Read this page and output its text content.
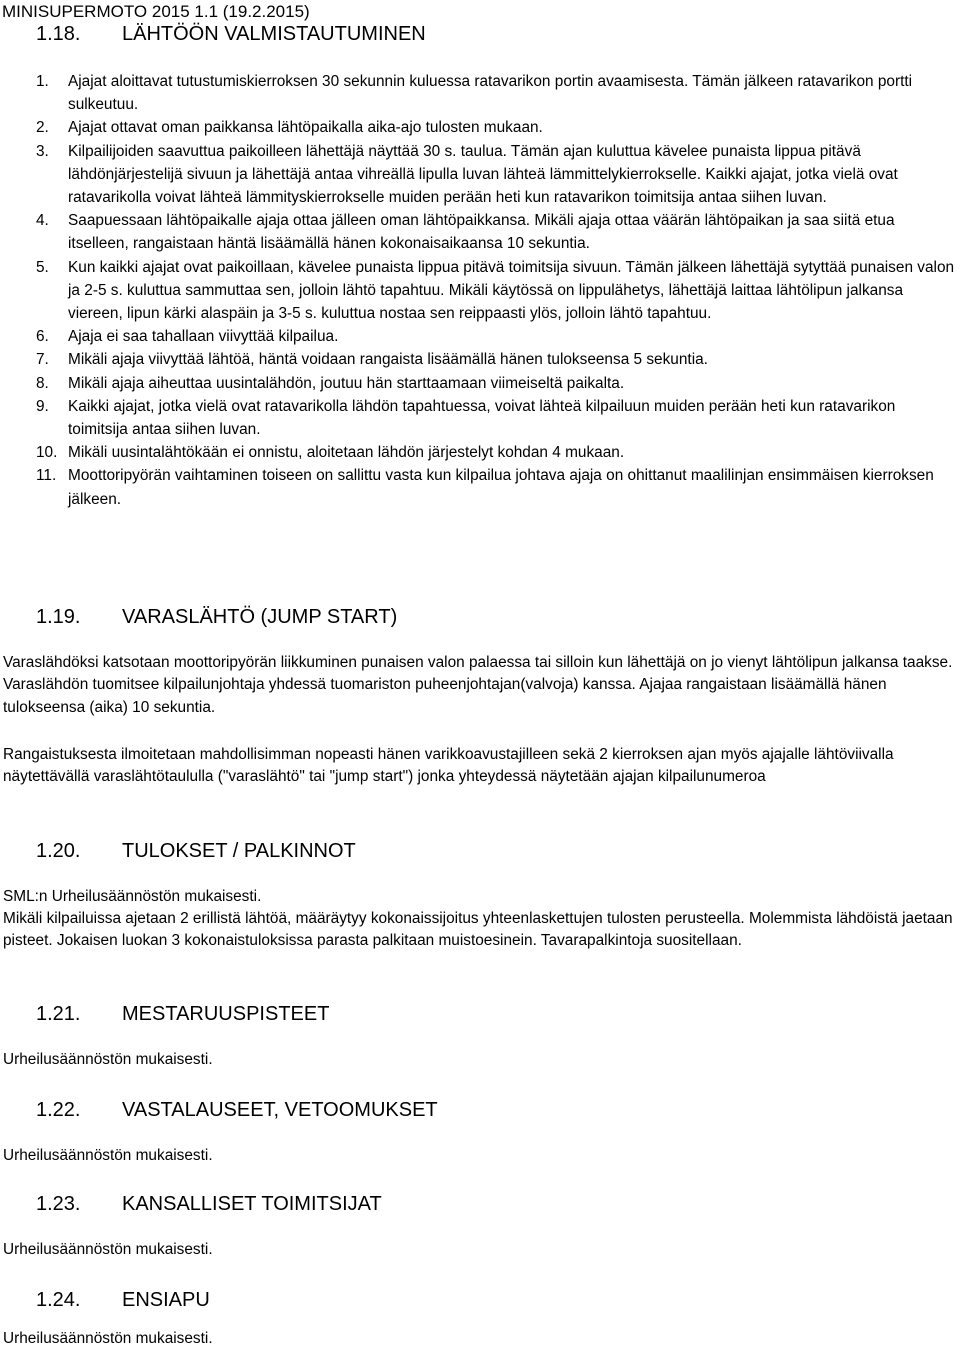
MINISUPERMOTO 2015 1.1 (19.2.2015)
1.18. LÄHTÖÖN VALMISTAUTUMINEN
1. Ajajat aloittavat tutustumiskierroksen 30 sekunnin kuluessa ratavarikon portin avaamisesta. Tämän jälkeen ratavarikon portti sulkeutuu.
2. Ajajat ottavat oman paikkansa lähtöpaikalla aika-ajo tulosten mukaan.
3. Kilpailijoiden saavuttua paikoilleen lähettäjä näyttää 30 s. taulua. Tämän ajan kuluttua kävelee punaista lippua pitävä lähdönjärjestelijä sivuun ja lähettäjä antaa vihreällä lipulla luvan lähteä lämmittelykierrokselle. Kaikki ajajat, jotka vielä ovat ratavarikolla voivat lähteä lämmityskierrokselle muiden perään heti kun ratavarikon toimitsija antaa siihen luvan.
4. Saapuessaan lähtöpaikalle ajaja ottaa jälleen oman lähtöpaikkansa. Mikäli ajaja ottaa väärän lähtöpaikan ja saa siitä etua itselleen, rangaistaan häntä lisäämällä hänen kokonaisaikaansa 10 sekuntia.
5. Kun kaikki ajajat ovat paikoillaan, kävelee punaista lippua pitävä toimitsija sivuun. Tämän jälkeen lähettäjä sytyttää punaisen valon ja 2-5 s. kuluttua sammuttaa sen, jolloin lähtö tapahtuu. Mikäli käytössä on lippulähetys, lähettäjä laittaa lähtölipun jalkansa viereen, lipun kärki alaspäin ja 3-5 s. kuluttua nostaa sen reippaasti ylös, jolloin lähtö tapahtuu.
6. Ajaja ei saa tahallaan viivyttää kilpailua.
7. Mikäli ajaja viivyttää lähtöä, häntä voidaan rangaista lisäämällä hänen tulokseensa 5 sekuntia.
8. Mikäli ajaja aiheuttaa uusintalähdön, joutuu hän starttaamaan viimeiseltä paikalta.
9. Kaikki ajajat, jotka vielä ovat ratavarikolla lähdön tapahtuessa, voivat lähteä kilpailuun muiden perään heti kun ratavarikon toimitsija antaa siihen luvan.
10. Mikäli uusintalähtökään ei onnistu, aloitetaan lähdön järjestelyt kohdan 4 mukaan.
11. Moottoripyörän vaihtaminen toiseen on sallittu vasta kun kilpailua johtava ajaja on ohittanut maalilinjan ensimmäisen kierroksen jälkeen.
1.19. VARASLÄHTÖ (JUMP START)

Varaslähdöksi katsotaan moottoripyörän liikkuminen punaisen valon palaessa tai silloin kun lähettäjä on jo vienyt lähtölipun jalkansa taakse. Varaslähdön tuomitsee kilpailunjohtaja yhdessä tuomariston puheenjohtajan(valvoja) kanssa. Ajajaa rangaistaan lisäämällä hänen tulokseensa (aika) 10 sekuntia.

Rangaistuksesta ilmoitetaan mahdollisimman nopeasti hänen varikkoavustajilleen sekä 2 kierroksen ajan myös ajajalle lähtöviivalla näytettävällä varaslähtötaululla ("varaslähtö" tai "jump start") jonka yhteydessä näytetään ajajan kilpailunumeroa

1.20. TULOKSET / PALKINNOT

SML:n Urheilusäännöstön mukaisesti.

Mikäli kilpailuissa ajetaan 2 erillistä lähtöä, määräytyy kokonaissijoitus yhteenlaskettujen tulosten perusteella. Molemmista lähdöistä jaetaan pisteet. Jokaisen luokan 3 kokonaistuloksissa parasta palkitaan muistoesinein. Tavarapalkintoja suositellaan.

1.21. MESTARUUSPISTEET

Urheilusäännöstön mukaisesti.

1.22. VASTALAUSEET, VETOOMUKSET

Urheilusäännöstön mukaisesti.

1.23. KANSALLISET TOIMITSIJAT

Urheilusäännöstön mukaisesti.

1.24. ENSIAPU

Urheilusäännöstön mukaisesti.
